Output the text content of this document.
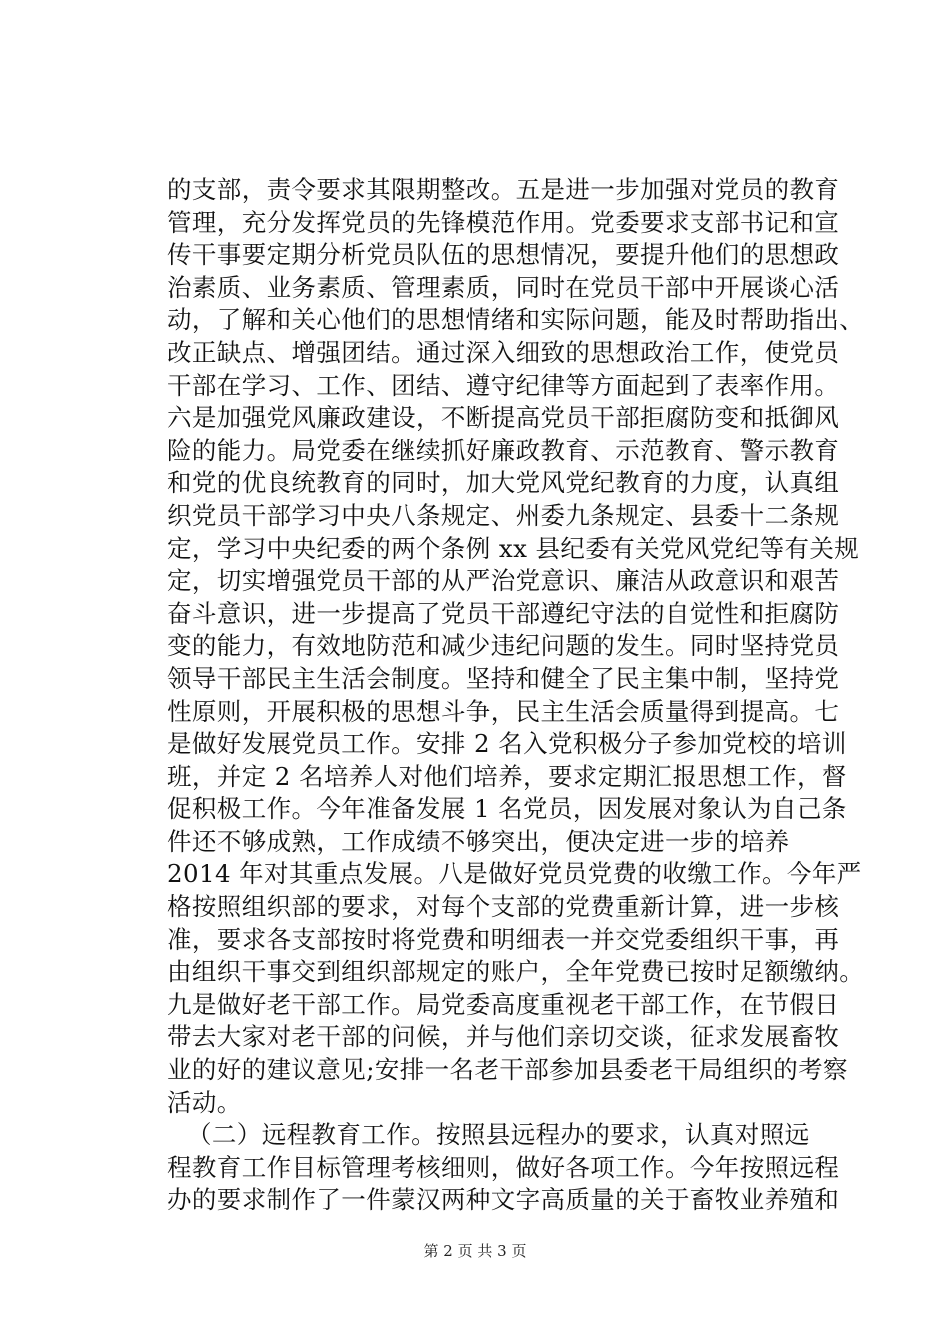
的支部，责令要求其限期整改。五是进一步加强对党员的教育
管理，充分发挥党员的先锋模范作用。党委要求支部书记和宣
传干事要定期分析党员队伍的思想情况，要提升他们的思想政
治素质、业务素质、管理素质，同时在党员干部中开展谈心活
动，了解和关心他们的思想情绪和实际问题，能及时帮助指出、
改正缺点、增强团结。通过深入细致的思想政治工作，使党员
干部在学习、工作、团结、遵守纪律等方面起到了表率作用。
六是加强党风廉政建设，不断提高党员干部拒腐防变和抵御风
险的能力。局党委在继续抓好廉政教育、示范教育、警示教育
和党的优良统教育的同时，加大党风党纪教育的力度，认真组
织党员干部学习中央八条规定、州委九条规定、县委十二条规
定，学习中央纪委的两个条例 xx 县纪委有关党风党纪等有关规
定，切实增强党员干部的从严治党意识、廉洁从政意识和艰苦
奋斗意识，进一步提高了党员干部遵纪守法的自觉性和拒腐防
变的能力，有效地防范和减少违纪问题的发生。同时坚持党员
领导干部民主生活会制度。坚持和健全了民主集中制，坚持党
性原则，开展积极的思想斗争，民主生活会质量得到提高。七
是做好发展党员工作。安排 2 名入党积极分子参加党校的培训
班，并定 2 名培养人对他们培养，要求定期汇报思想工作，督
促积极工作。今年准备发展 1 名党员，因发展对象认为自己条
件还不够成熟，工作成绩不够突出，便决定进一步的培养
2014 年对其重点发展。八是做好党员党费的收缴工作。今年严
格按照组织部的要求，对每个支部的党费重新计算，进一步核
准，要求各支部按时将党费和明细表一并交党委组织干事，再
由组织干事交到组织部规定的账户，全年党费已按时足额缴纳。
九是做好老干部工作。局党委高度重视老干部工作，在节假日
带去大家对老干部的问候，并与他们亲切交谈，征求发展畜牧
业的好的建议意见;安排一名老干部参加县委老干局组织的考察
活动。
（二）远程教育工作。按照县远程办的要求，认真对照远
程教育工作目标管理考核细则，做好各项工作。今年按照远程
办的要求制作了一件蒙汉两种文字高质量的关于畜牧业养殖和
第 2 页 共 3 页
